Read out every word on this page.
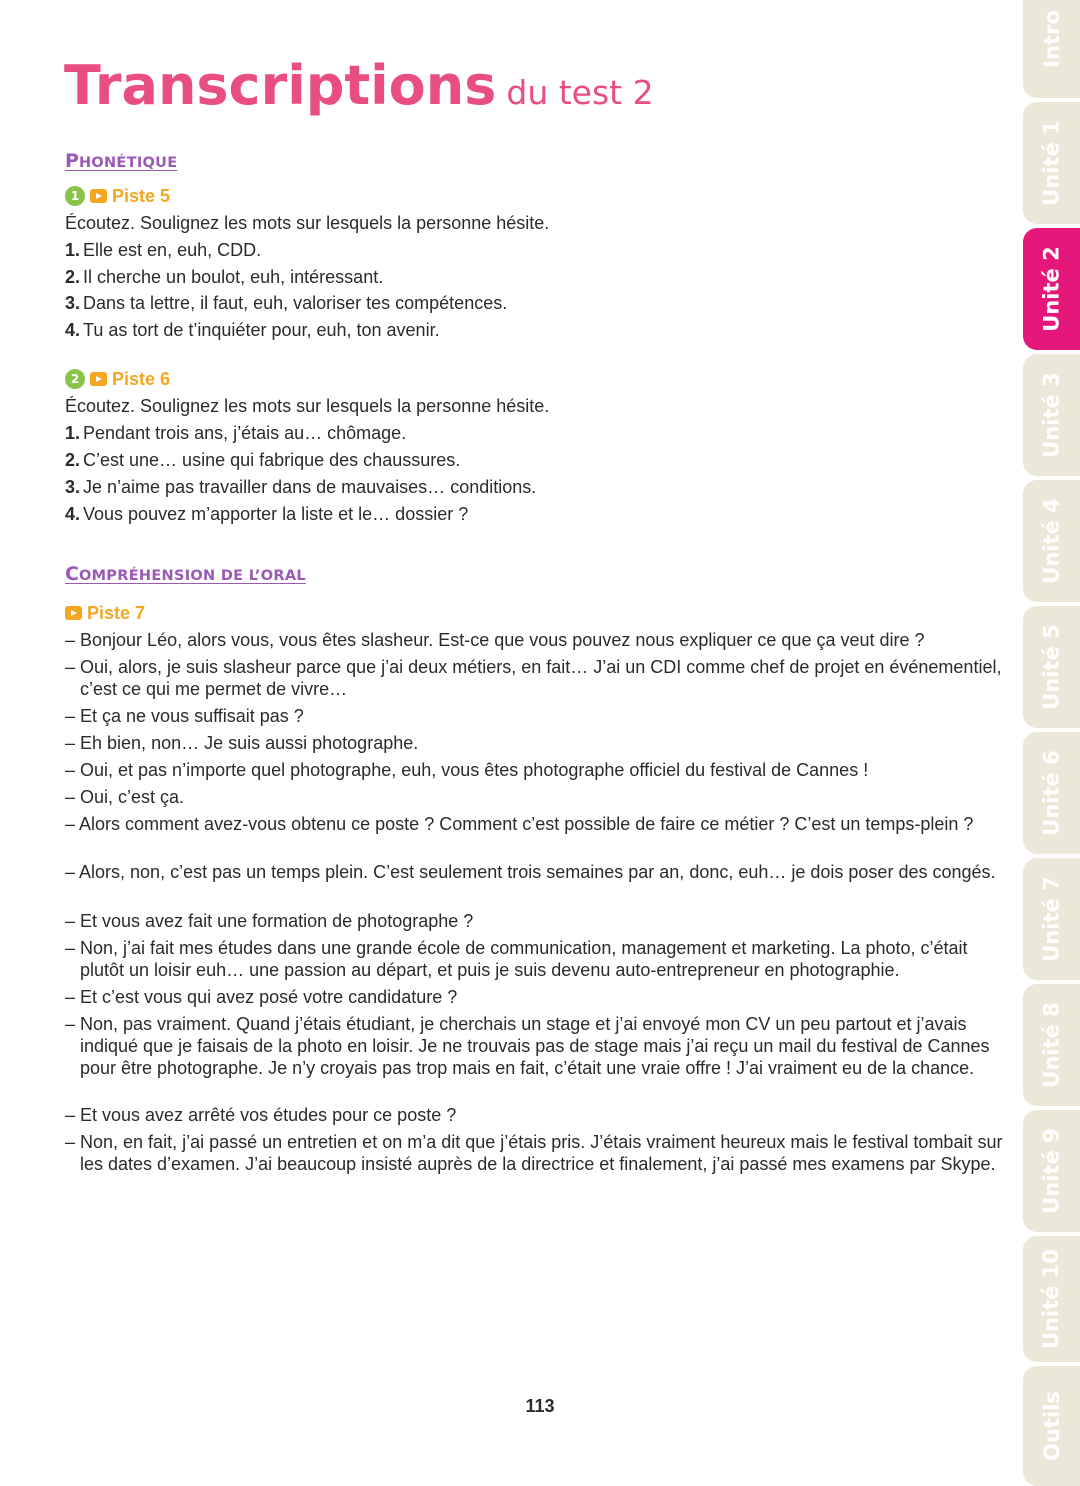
Transcriptions du test 2
PHONÉTIQUE
1	Piste 5

Écoutez. Soulignez les mots sur lesquels la personne hésite.

1. Elle est en, euh, CDD.

2. Il cherche un boulot, euh, intéressant.

3. Dans ta lettre, il faut, euh, valoriser tes compétences.

4. Tu as tort de t’inquiéter pour, euh, ton avenir.

2	Piste 6

Écoutez. Soulignez les mots sur lesquels la personne hésite.

1. Pendant trois ans, j’étais au… chômage.

2. C’est une… usine qui fabrique des chaussures.

3. Je n’aime pas travailler dans de mauvaises… conditions.

4. Vous pouvez m’apporter la liste et le… dossier ?

COMPRÉHENSION DE L’ORAL
Piste 7

– Bonjour Léo, alors vous, vous êtes slasheur. Est-ce que vous pouvez nous expliquer ce que ça veut dire ?

– Oui, alors, je suis slasheur parce que j’ai deux métiers, en fait… J’ai un CDI comme chef de projet en événementiel, c’est ce qui me permet de vivre…

– Et ça ne vous suffisait pas ?

– Eh bien, non… Je suis aussi photographe.

– Oui, et pas n’importe quel photographe, euh, vous êtes photographe officiel du festival de Cannes !

– Oui, c’est ça.

– Alors comment avez-vous obtenu ce poste ? Comment c’est possible de faire ce métier ? C’est un temps-plein ?

– Alors, non, c’est pas un temps plein. C’est seulement trois semaines par an, donc, euh… je dois poser des congés.

– Et vous avez fait une formation de photographe ?

– Non, j’ai fait mes études dans une grande école de communication, management et marketing. La photo, c’était plutôt un loisir euh… une passion au départ, et puis je suis devenu auto-entrepreneur en photographie.

– Et c’est vous qui avez posé votre candidature ?

– Non, pas vraiment. Quand j’étais étudiant, je cherchais un stage et j’ai envoyé mon CV un peu partout et j’avais indiqué que je faisais de la photo en loisir. Je ne trouvais pas de stage mais j’ai reçu un mail du festival de Cannes pour être photographe. Je n’y croyais pas trop mais en fait, c’était une vraie offre ! J’ai vraiment eu de la chance.

– Et vous avez arrêté vos études pour ce poste ?

– Non, en fait, j’ai passé un entretien et on m’a dit que j’étais pris. J’étais vraiment heureux mais le festival tombait sur les dates d’examen. J’ai beaucoup insisté auprès de la directrice et finalement, j’ai passé mes examens par Skype.

113
Intro
Unité 1
Unité 2
Unité 3
Unité 4
Unité 5
Unité 6
Unité 7
Unité 8
Unité 9
Unité 10
Outils
